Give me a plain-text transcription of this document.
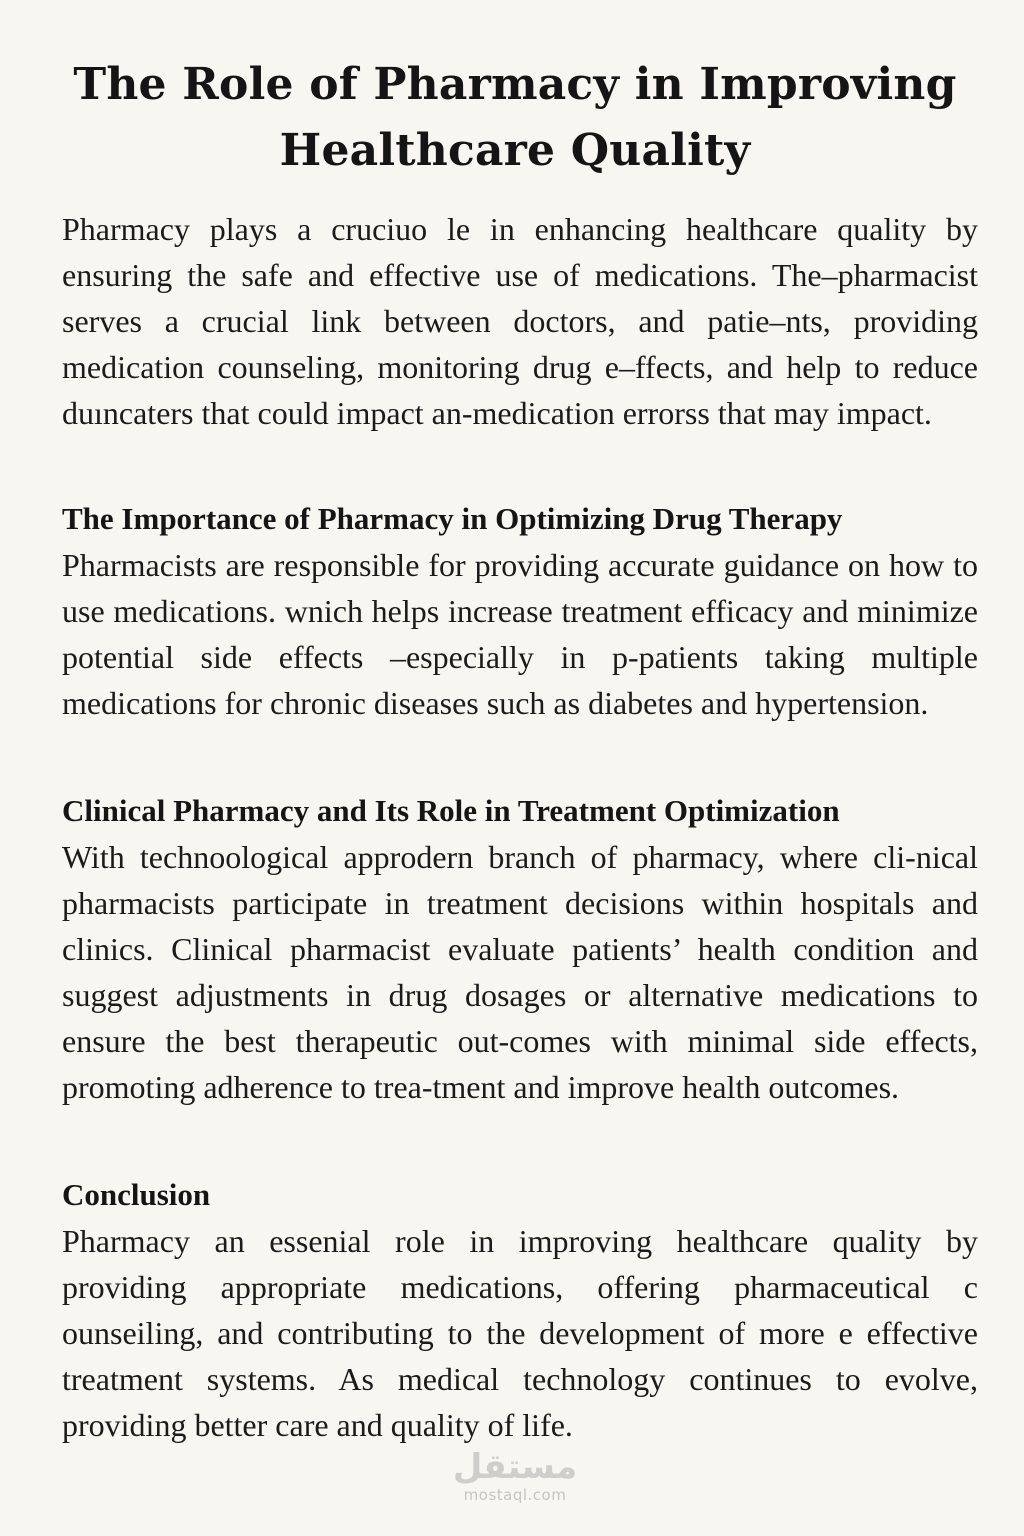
The Role of Pharmacy in Improving Healthcare Quality

Pharmacy plays a cruciuo le in enhancing healthcare quality by ensuring the safe and effective use of medications. The–pharmacist serves a crucial link between doctors, and patie–nts, providing medication counseling, monitoring drug e–ffects, and help to reduce duıncaters that could impact an-medication errorss that may impact.

The Importance of Pharmacy in Optimizing Drug Therapy

Pharmacists are responsible for providing accurate guidance on how to use medications. wnich helps increase treatment efficacy and minimize potential side effects –especially in p-patients taking multiple medications for chronic diseases such as diabetes and hypertension.

Clinical Pharmacy and Its Role in Treatment Optimization

With technoological approdern branch of pharmacy, where cli-nical pharmacists participate in treatment decisions within hospitals and clinics. Clinical pharmacist evaluate patients’ health condition and suggest adjustments in drug dosages or alternative medications to ensure the best therapeutic out-comes with minimal side effects, promoting adherence to trea-tment and improve health outcomes.

Conclusion

Pharmacy an essenial role in improving healthcare quality by providing appropriate medications, offering pharmaceutical c ounseiling, and contributing to the development of more e effective treatment systems. As medical technology continues to evolve, providing better care and quality of life.

مستقل
mostaql.com
